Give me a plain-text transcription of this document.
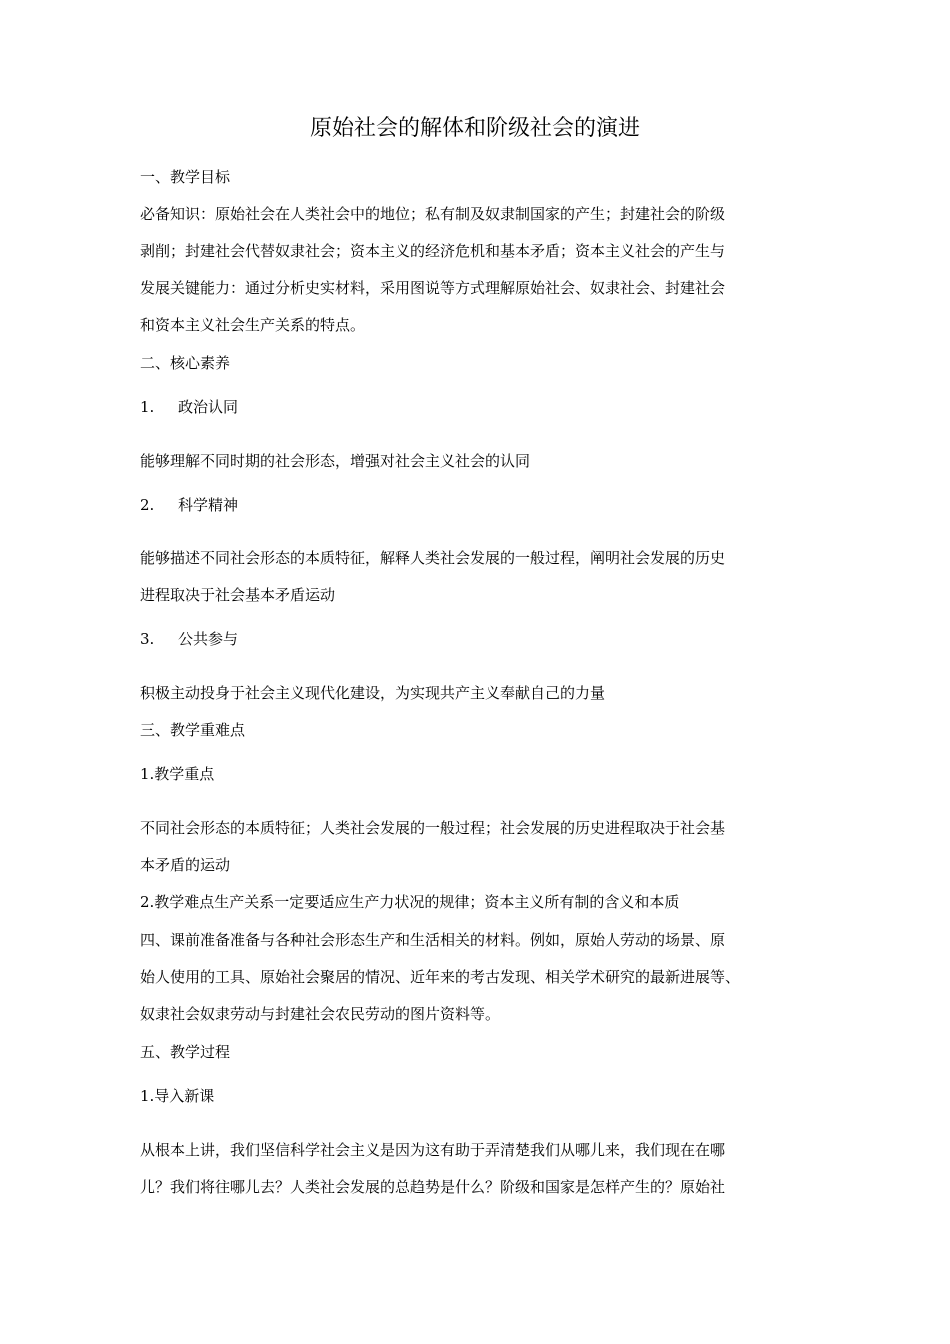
原始社会的解体和阶级社会的演进
一、教学目标
必备知识：原始社会在人类社会中的地位；私有制及奴隶制国家的产生；封建社会的阶级
剥削；封建社会代替奴隶社会；资本主义的经济危机和基本矛盾；资本主义社会的产生与
发展关键能力：通过分析史实材料，采用图说等方式理解原始社会、奴隶社会、封建社会
和资本主义社会生产关系的特点。
二、核心素养
1. 政治认同
能够理解不同时期的社会形态，增强对社会主义社会的认同
2. 科学精神
能够描述不同社会形态的本质特征，解释人类社会发展的一般过程，阐明社会发展的历史
进程取决于社会基本矛盾运动
3. 公共参与
积极主动投身于社会主义现代化建设，为实现共产主义奉献自己的力量
三、教学重难点
1.教学重点
不同社会形态的本质特征；人类社会发展的一般过程；社会发展的历史进程取决于社会基
本矛盾的运动
2.教学难点生产关系一定要适应生产力状况的规律；资本主义所有制的含义和本质
四、课前准备准备与各种社会形态生产和生活相关的材料。例如，原始人劳动的场景、原
始人使用的工具、原始社会聚居的情况、近年来的考古发现、相关学术研究的最新进展等、
奴隶社会奴隶劳动与封建社会农民劳动的图片资料等。
五、教学过程
1.导入新课
从根本上讲，我们坚信科学社会主义是因为这有助于弄清楚我们从哪儿来，我们现在在哪
儿？我们将往哪儿去？人类社会发展的总趋势是什么？阶级和国家是怎样产生的？原始社
